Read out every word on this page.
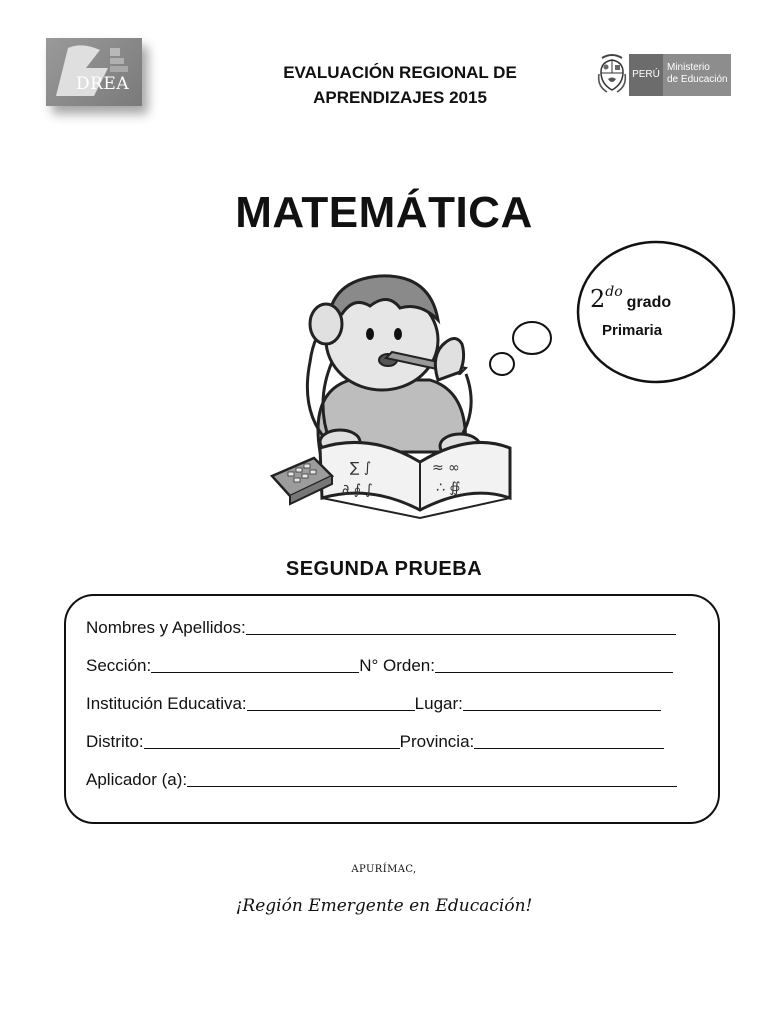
DREA
EVALUACIÓN REGIONAL DE
APRENDIZAJES 2015
PERÚ
Ministerio
de Educación
MATEMÁTICA
∑ ∫
∂ ∮ ∫
≈ ∞
∴ ∯
2dogrado
Primaria
SEGUNDA PRUEBA
Nombres y Apellidos:
Sección:	N° Orden:
Institución Educativa:	Lugar:
Distrito:	Provincia:
Aplicador (a):
APURÍMAC,
¡Región Emergente en Educación!
